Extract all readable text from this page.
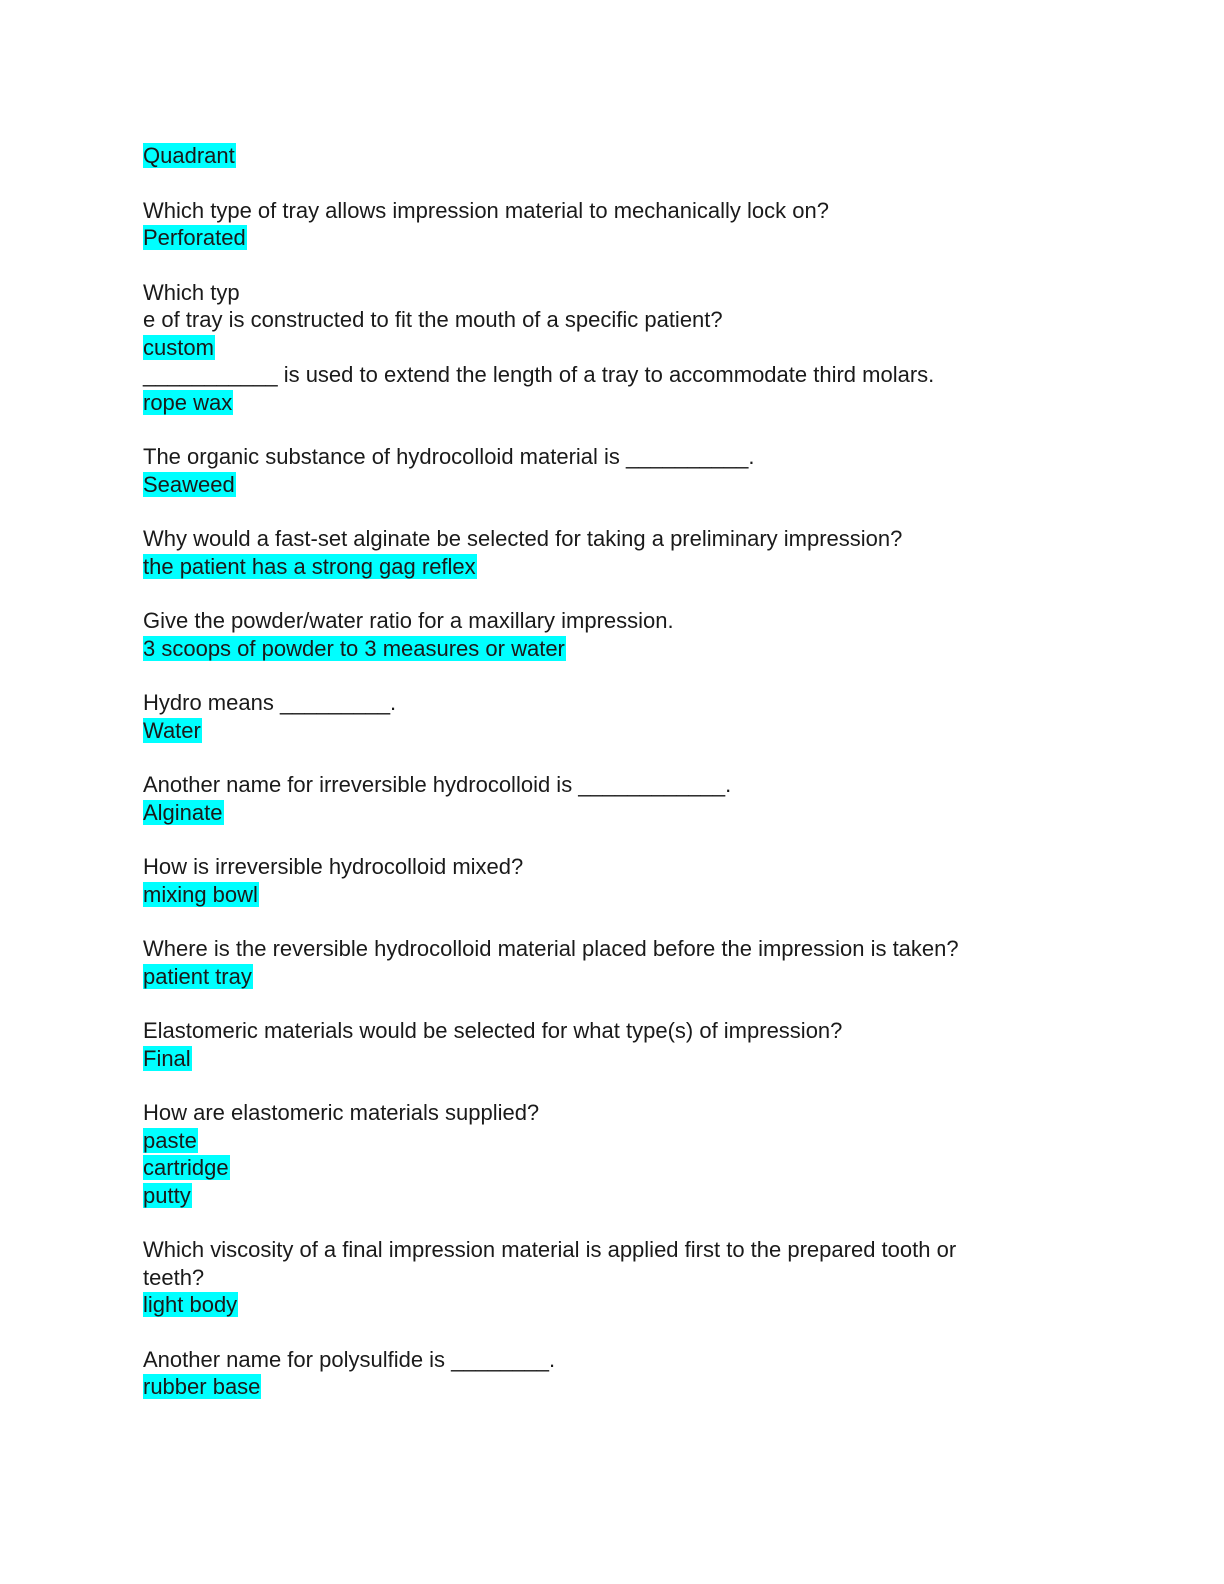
Quadrant
Which type of tray allows impression material to mechanically lock on?
Perforated
Which typ
e of tray is constructed to fit the mouth of a specific patient?
custom
___________ is used to extend the length of a tray to accommodate third molars.
rope wax
The organic substance of hydrocolloid material is __________.
Seaweed
Why would a fast-set alginate be selected for taking a preliminary impression?
the patient has a strong gag reflex
Give the powder/water ratio for a maxillary impression.
3 scoops of powder to 3 measures or water
Hydro means _________.
Water
Another name for irreversible hydrocolloid is ____________.
Alginate
How is irreversible hydrocolloid mixed?
mixing bowl
Where is the reversible hydrocolloid material placed before the impression is taken?
patient tray
Elastomeric materials would be selected for what type(s) of impression?
Final
How are elastomeric materials supplied?
paste
cartridge
putty
Which viscosity of a final impression material is applied first to the prepared tooth or
teeth?
light body
Another name for polysulfide is ________.
rubber base
